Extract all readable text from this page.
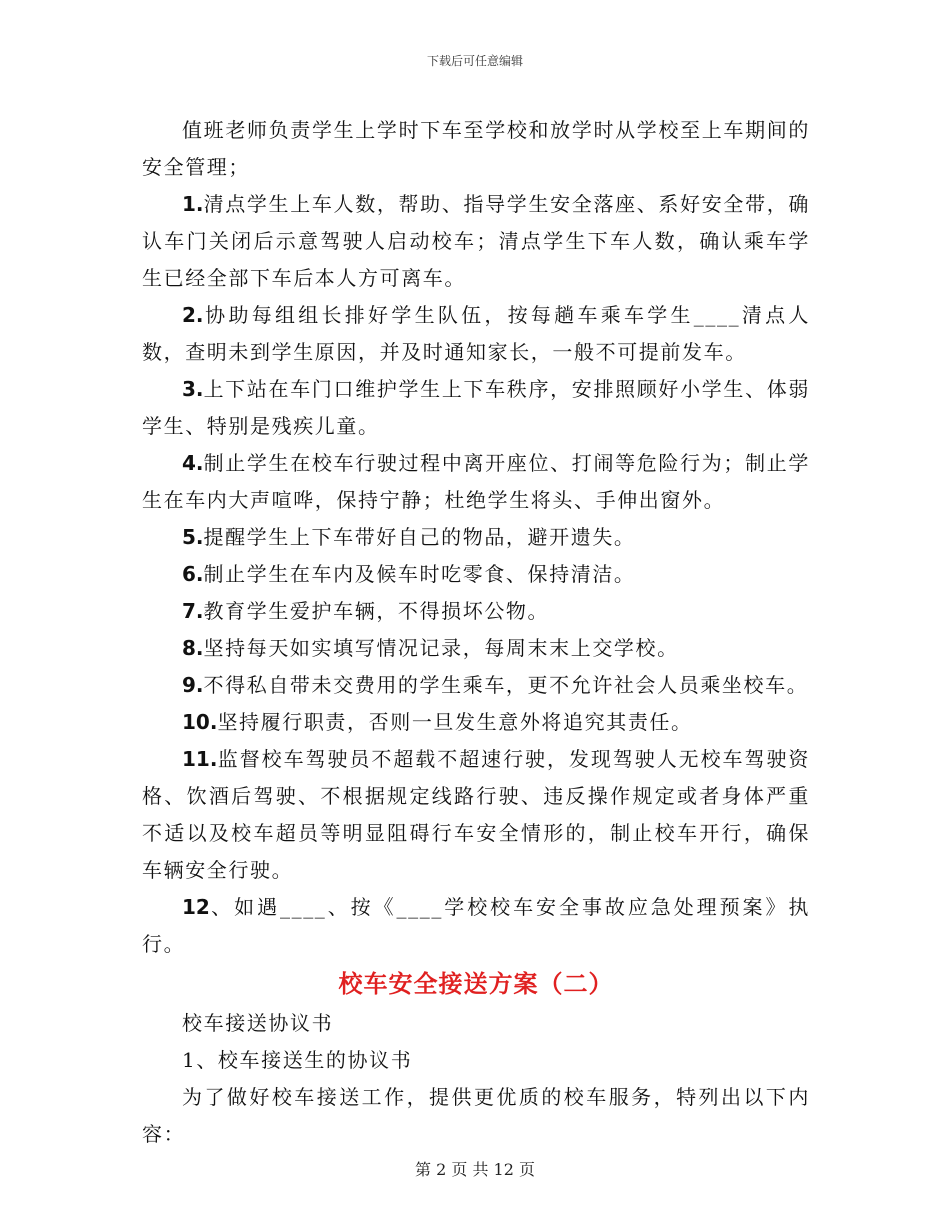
下载后可任意编辑

值班老师负责学生上学时下车至学校和放学时从学校至上车期间的安全管理；

1.清点学生上车人数，帮助、指导学生安全落座、系好安全带，确认车门关闭后示意驾驶人启动校车；清点学生下车人数，确认乘车学生已经全部下车后本人方可离车。

2.协助每组组长排好学生队伍，按每趟车乘车学生____清点人数，查明未到学生原因，并及时通知家长，一般不可提前发车。

3.上下站在车门口维护学生上下车秩序，安排照顾好小学生、体弱学生、特别是残疾儿童。

4.制止学生在校车行驶过程中离开座位、打闹等危险行为；制止学生在车内大声喧哗，保持宁静；杜绝学生将头、手伸出窗外。

5.提醒学生上下车带好自己的物品，避开遗失。

6.制止学生在车内及候车时吃零食、保持清洁。

7.教育学生爱护车辆，不得损坏公物。

8.坚持每天如实填写情况记录，每周末末上交学校。

9.不得私自带未交费用的学生乘车，更不允许社会人员乘坐校车。

10.坚持履行职责，否则一旦发生意外将追究其责任。

11.监督校车驾驶员不超载不超速行驶，发现驾驶人无校车驾驶资格、饮酒后驾驶、不根据规定线路行驶、违反操作规定或者身体严重不适以及校车超员等明显阻碍行车安全情形的，制止校车开行，确保车辆安全行驶。

12、如遇____、按《____学校校车安全事故应急处理预案》执行。

校车安全接送方案（二）

校车接送协议书

1、校车接送生的协议书

为了做好校车接送工作，提供更优质的校车服务，特列出以下内容：

第 2 页 共 12 页
